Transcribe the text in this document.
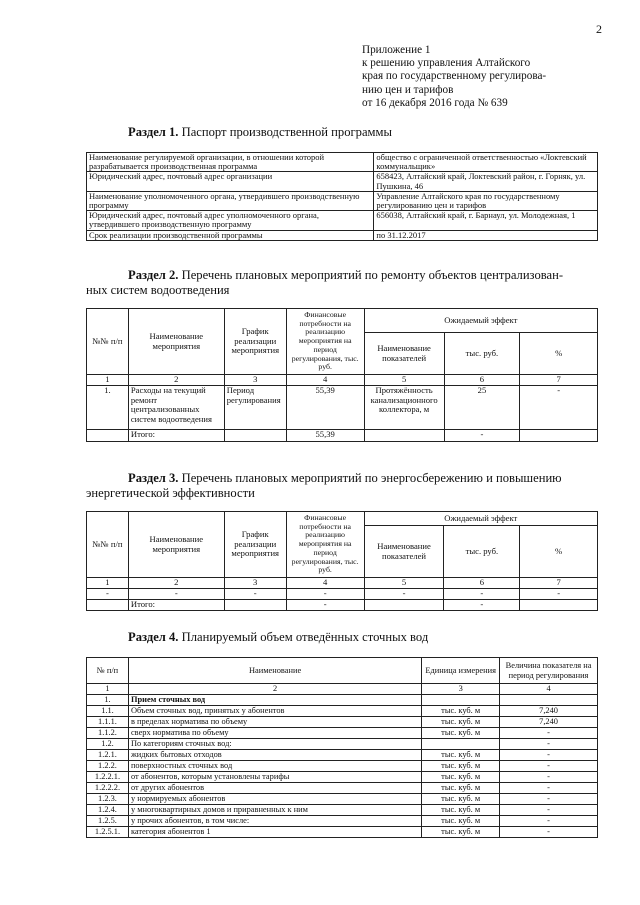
2
Приложение 1
к решению управления Алтайского
края по государственному регулирова-
нию цен и тарифов
от 16 декабря 2016 года № 639
Раздел 1. Паспорт производственной программы
Наименование регулируемой организации, в отношении которой разрабатывается производственная программа	общество с ограниченной ответственностью «Локтевский коммунальщик»
Юридический адрес, почтовый адрес организации	658423, Алтайский край, Локтевский район, г. Горняк, ул. Пушкина, 46
Наименование уполномоченного органа, утвердившего производственную программу	Управление Алтайского края по государственному регулированию цен и тарифов
Юридический адрес, почтовый адрес уполномоченного органа, утвердившего производственную программу	656038, Алтайский край, г. Барнаул, ул. Молодежная, 1
Срок реализации производственной программы	по 31.12.2017
Раздел 2. Перечень плановых мероприятий по ремонту объектов централизован-
ных систем водоотведения
№№ п/п	Наименование мероприятия	График реализации мероприятия	Финансовые потребности на реализацию мероприятия на период регулирования, тыс. руб.	Ожидаемый эффект		
				Наименование показателей	тыс. руб.	%
1	2	3	4	5	6	7
1.	Расходы на текущий ремонт централизованных систем водоотведения	Период регулирования	55,39	Протяжённость канализационного коллектора, м	25	-
	Итого:		55,39		-	
Раздел 3. Перечень плановых мероприятий по энергосбережению и повышению
энергетической эффективности
№№ п/п	Наименование мероприятия	График реализации мероприятия	Финансовые потребности на реализацию мероприятия на период регулирования, тыс. руб.	Ожидаемый эффект		
				Наименование показателей	тыс. руб.	%
1	2	3	4	5	6	7
-	-	-	-	-	-	-
	Итого:		-		-	
Раздел 4. Планируемый объем отведённых сточных вод
№ п/п	Наименование	Единица измерения	Величина показателя на период регулирования
1	2	3	4
1.	Прием сточных вод		
1.1.	Объем сточных вод, принятых у абонентов	тыс. куб. м	7,240
1.1.1.	в пределах норматива по объему	тыс. куб. м	7,240
1.1.2.	сверх норматива по объему	тыс. куб. м	-
1.2.	По категориям сточных вод:		-
1.2.1.	жидких бытовых отходов	тыс. куб. м	-
1.2.2.	поверхностных сточных вод	тыс. куб. м	-
1.2.2.1.	от абонентов, которым установлены тарифы	тыс. куб. м	-
1.2.2.2.	от других абонентов	тыс. куб. м	-
1.2.3.	у нормируемых абонентов	тыс. куб. м	-
1.2.4.	у многоквартирных домов и приравненных к ним	тыс. куб. м	-
1.2.5.	у прочих абонентов, в том числе:	тыс. куб. м	-
1.2.5.1.	категория абонентов 1	тыс. куб. м	-
